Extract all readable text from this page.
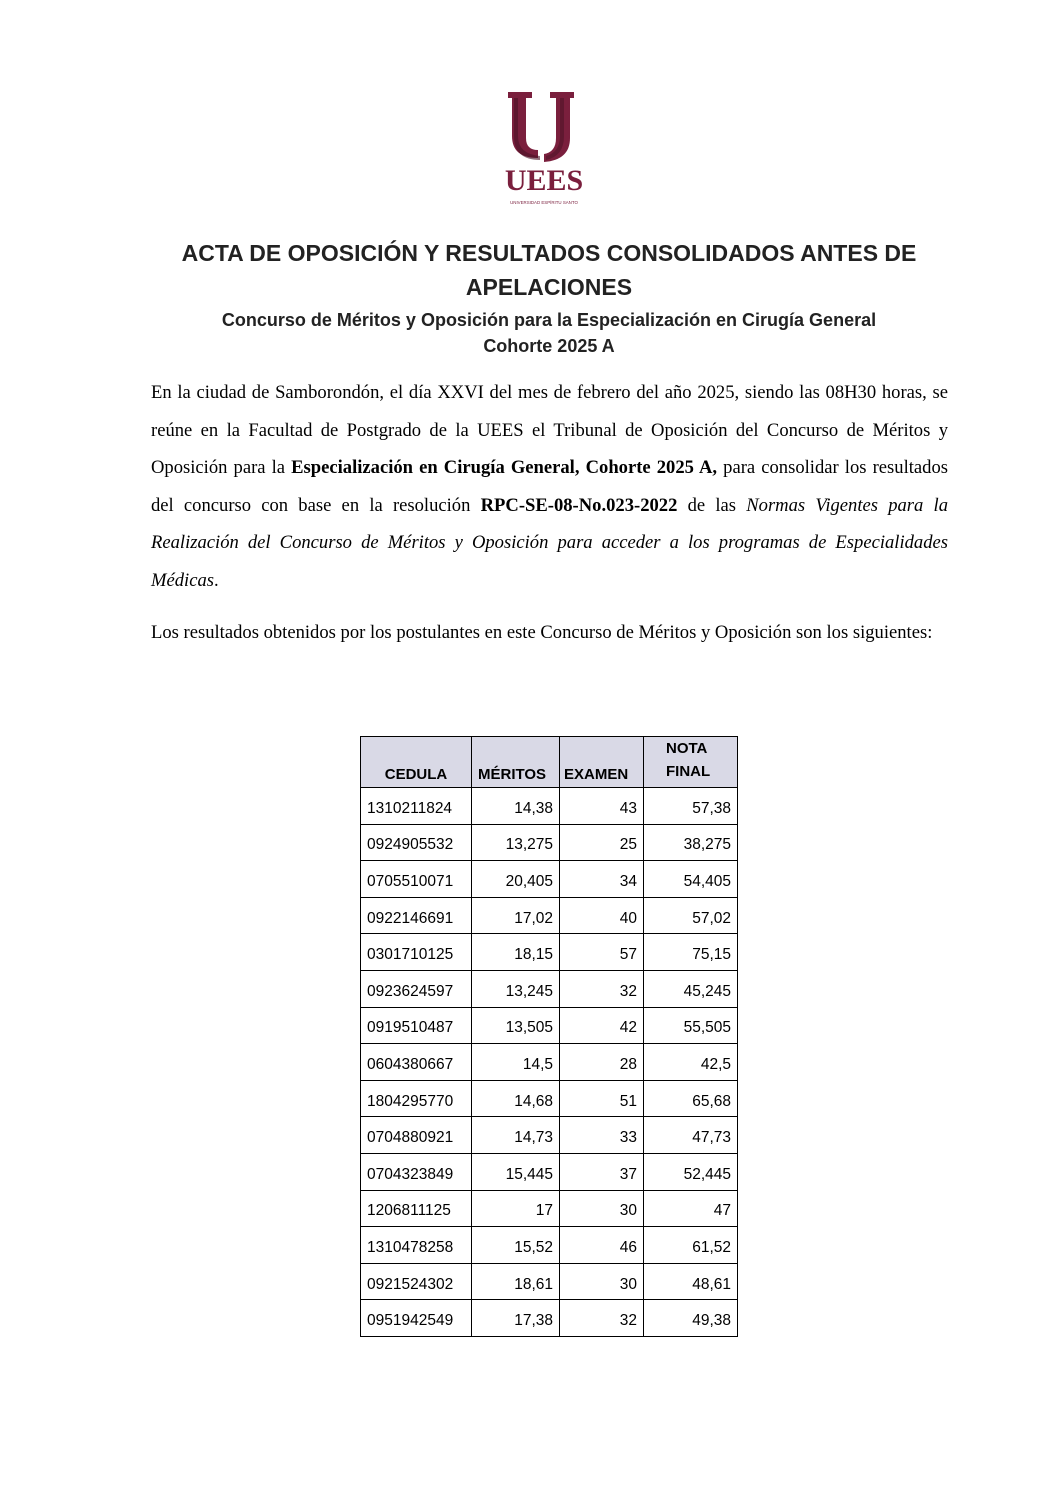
UEES
UNIVERSIDAD ESPÍRITU SANTO
ACTA DE OPOSICIÓN Y RESULTADOS CONSOLIDADOS ANTES DE APELACIONES
Concurso de Méritos y Oposición para la Especialización en Cirugía General
Cohorte 2025 A

En la ciudad de Samborondón, el día XXVI del mes de febrero del año 2025, siendo las 08H30 horas, se reúne en la Facultad de Postgrado de la UEES el Tribunal de Oposición del Concurso de Méritos y Oposición para la Especialización en Cirugía General, Cohorte 2025 A, para consolidar los resultados del concurso con base en la resolución RPC-SE-08-No.023-2022 de las Normas Vigentes para la Realización del Concurso de Méritos y Oposición para acceder a los programas de Especialidades Médicas.

Los resultados obtenidos por los postulantes en este Concurso de Méritos y Oposición son los siguientes:

CEDULA	MÉRITOS	EXAMEN	NOTA
FINAL

1310211824	14,38	43	57,38
0924905532	13,275	25	38,275
0705510071	20,405	34	54,405
0922146691	17,02	40	57,02
0301710125	18,15	57	75,15
0923624597	13,245	32	45,245
0919510487	13,505	42	55,505
0604380667	14,5	28	42,5
1804295770	14,68	51	65,68
0704880921	14,73	33	47,73
0704323849	15,445	37	52,445
1206811125	17	30	47
1310478258	15,52	46	61,52
0921524302	18,61	30	48,61
0951942549	17,38	32	49,38
